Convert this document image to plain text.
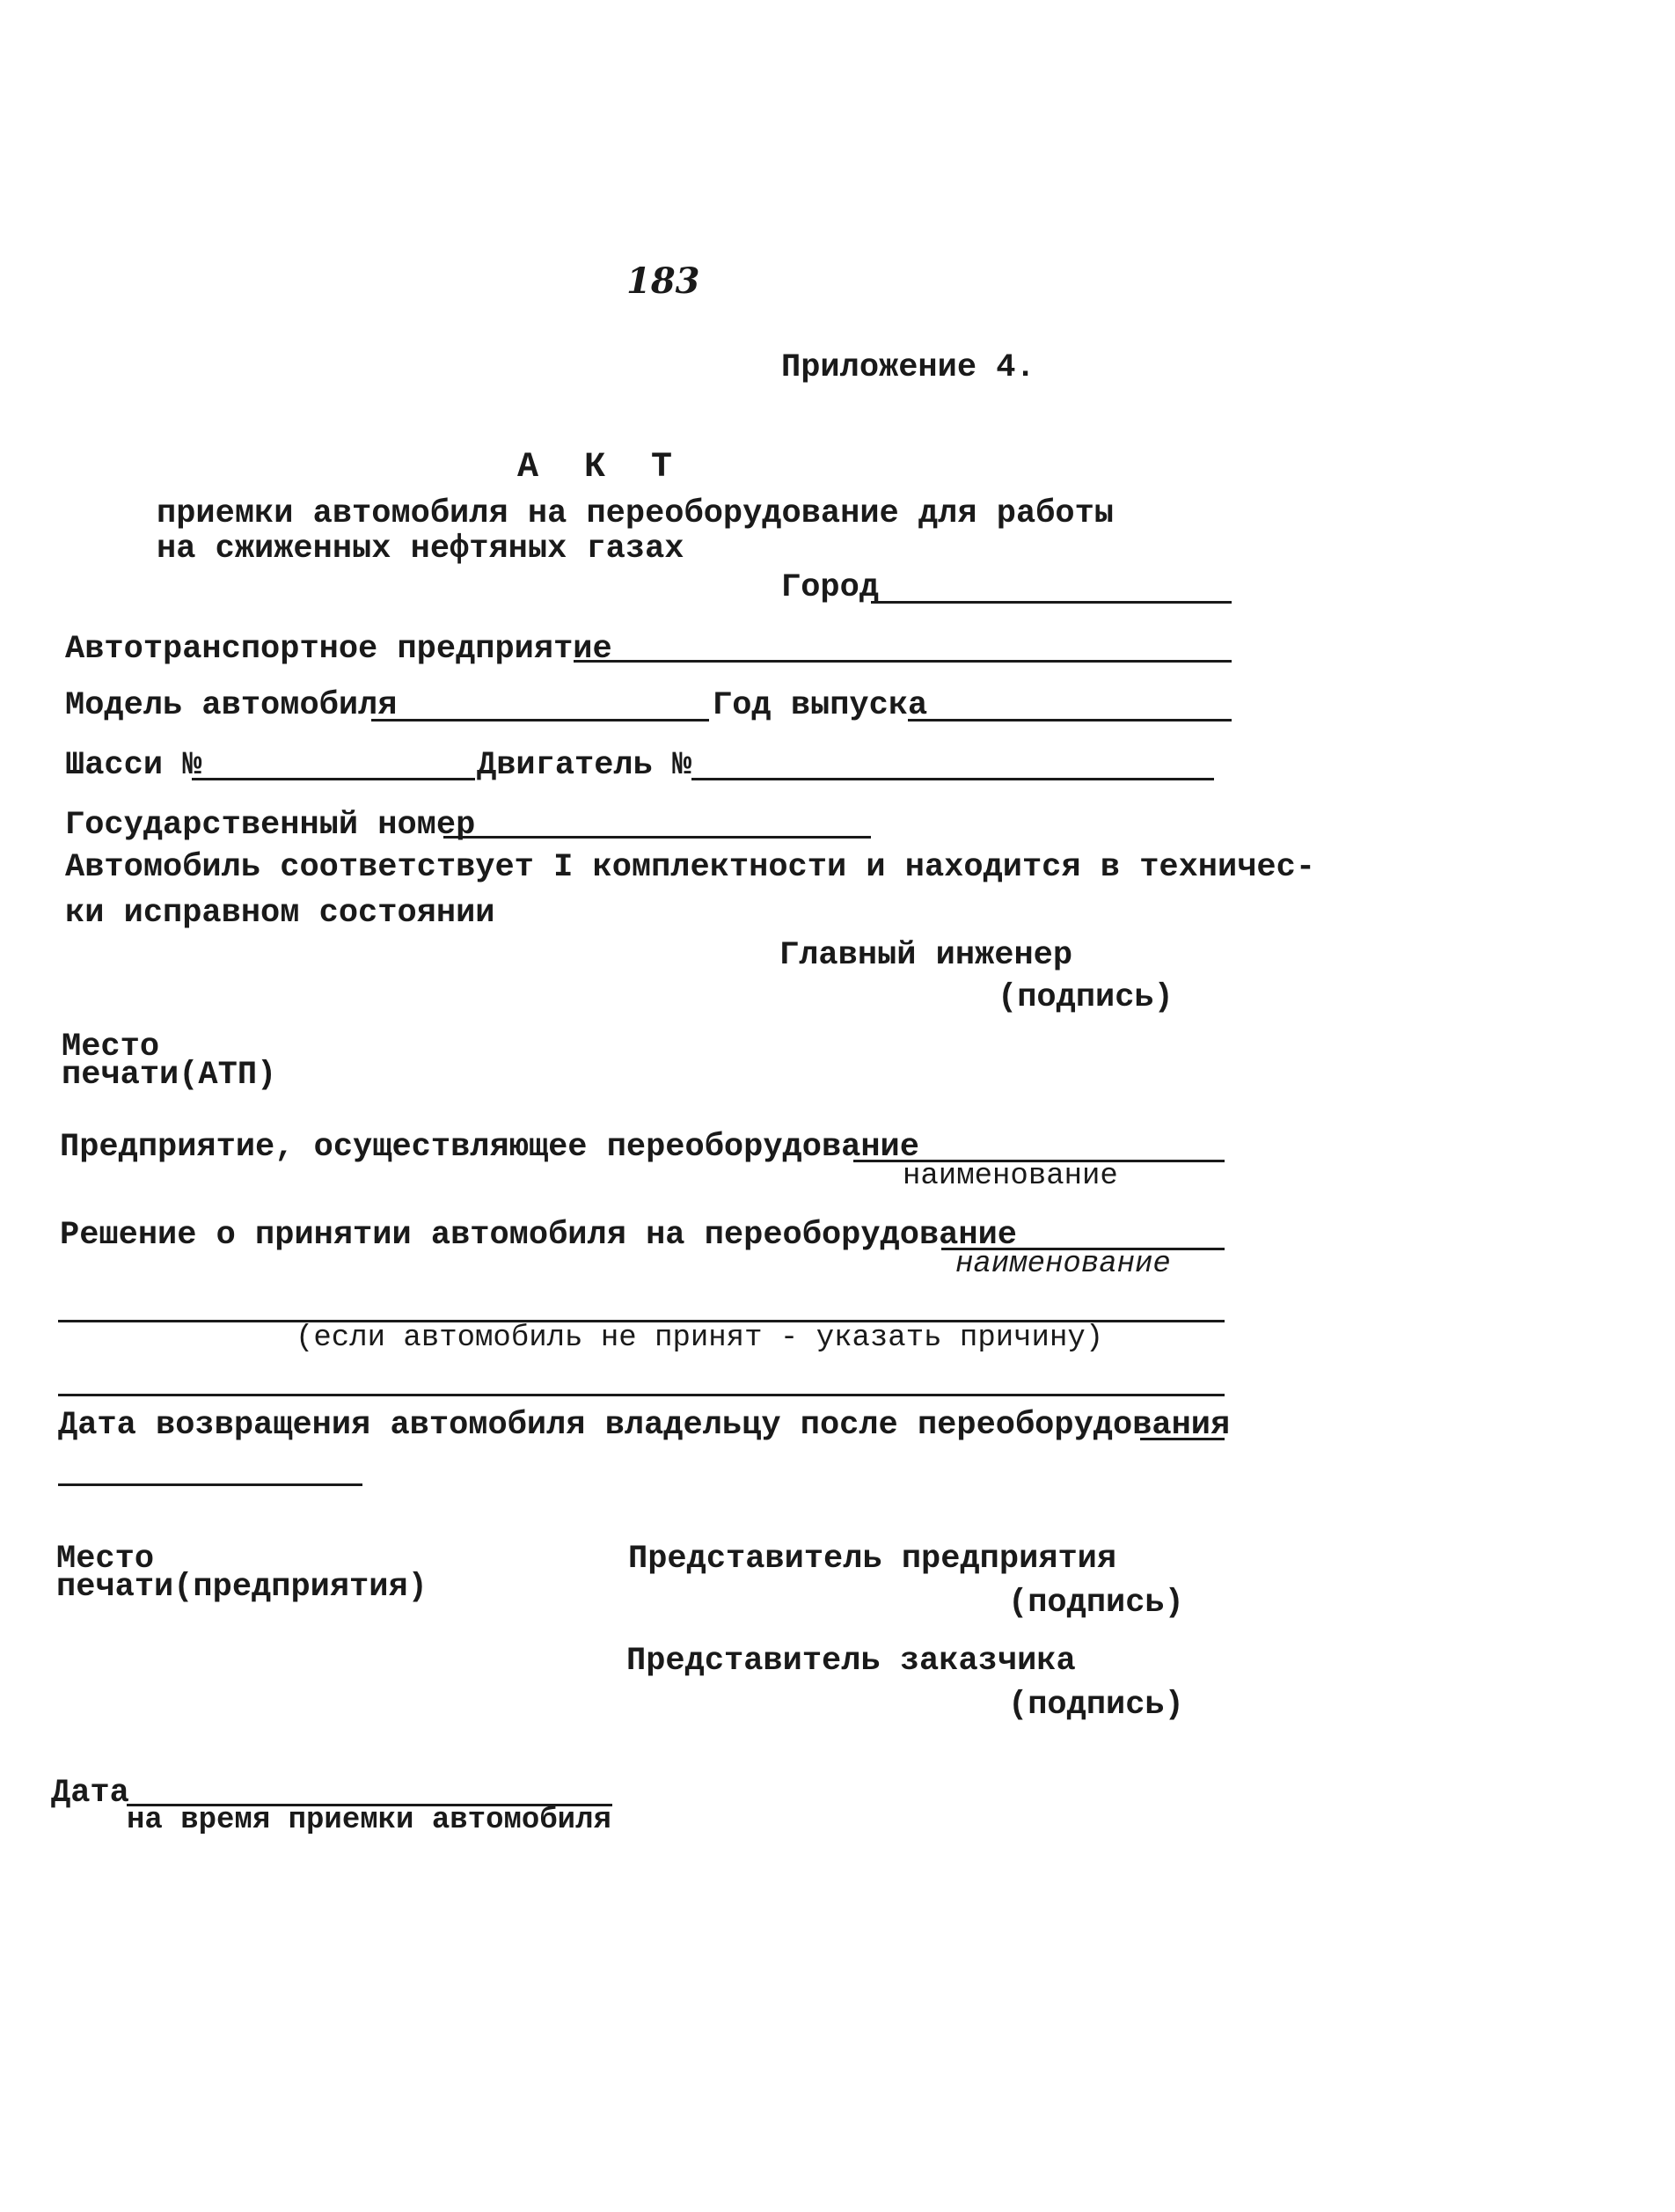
183
Приложение 4.
А К Т
приемки автомобиля на переоборудование для работы
на сжиженных нефтяных газах
Город
Автотранспортное предприятие
Модель автомобиля	Год выпуска
Шасси №	Двигатель №
Государственный номер
Автомобиль соответствует I комплектности и находится в техничес-
ки исправном состоянии
Главный инженер
(подпись)
Место
печати(АТП)
Предприятие, осуществляющее переоборудование
наименование
Решение о принятии автомобиля на переоборудование
наименование
(если автомобиль не принят - указать причину)
Дата возвращения автомобиля владельцу после переоборудования
Место
печати(предприятия)
Представитель предприятия
(подпись)
Представитель заказчика
(подпись)
Дата
на время приемки автомобиля
